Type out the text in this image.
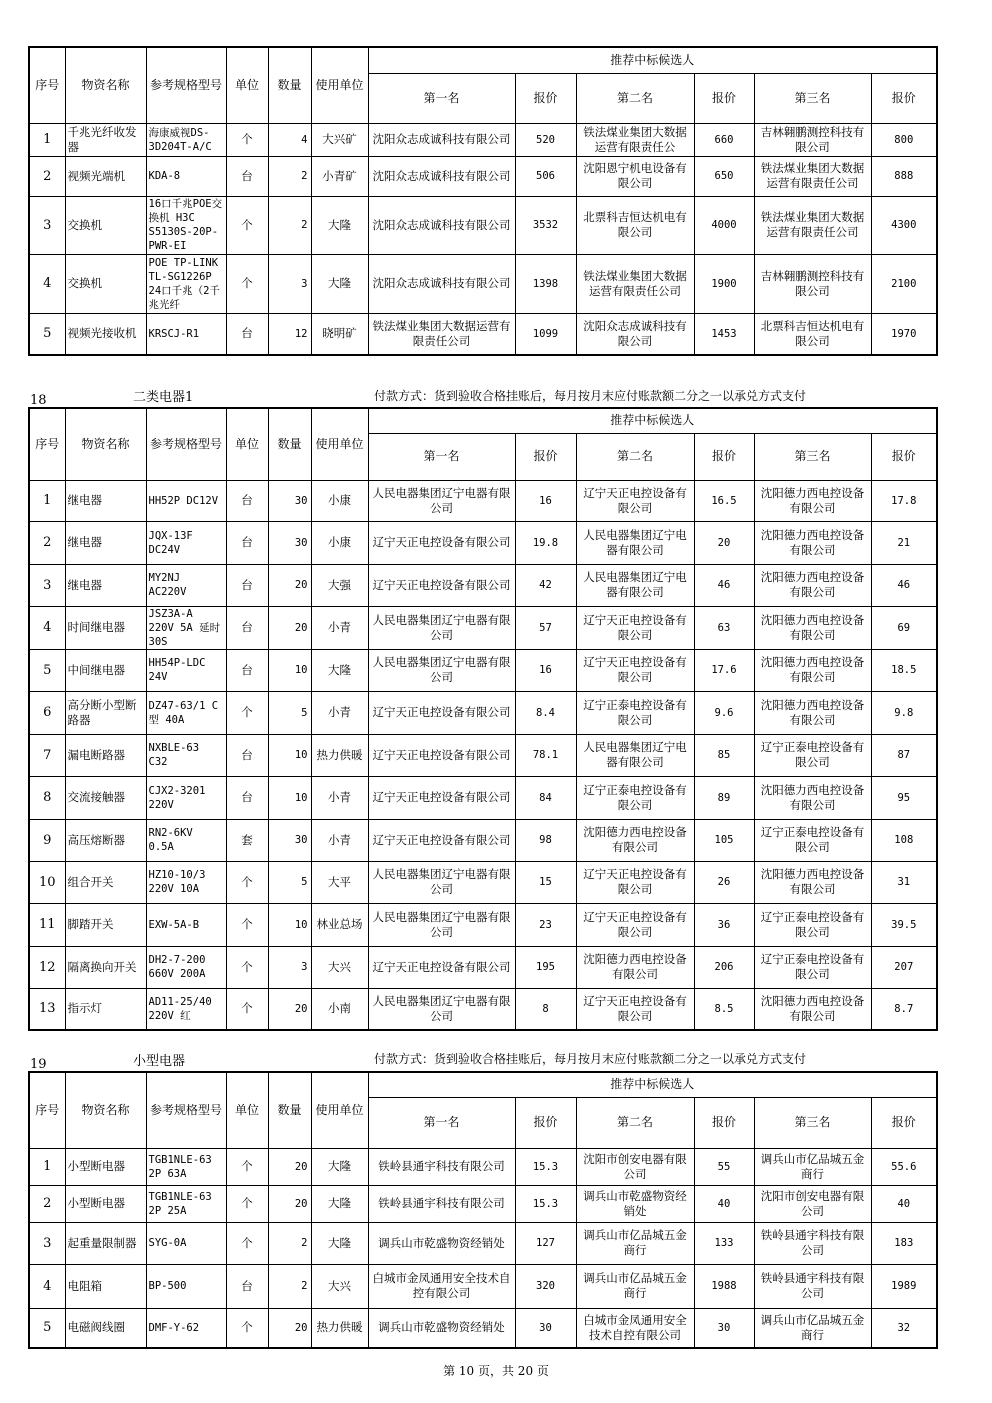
序号	物资名称	参考规格型号	单位	数量	使用单位	推荐中标候选人					
						第一名	报价	第二名	报价	第三名	报价
1	千兆光纤收发器	海康威视DS-3D204T-A/C	个	4	大兴矿	沈阳众志成诚科技有限公司	520	铁法煤业集团大数据运营有限责任公	660	吉林翱鹏测控科技有限公司	800
2	视频光端机	KDA-8	台	2	小青矿	沈阳众志成诚科技有限公司	506	沈阳恩宁机电设备有限公司	650	铁法煤业集团大数据运营有限责任公司	888
3	交换机	16口千兆POE交换机 H3C S5130S-20P-PWR-EI	个	2	大隆	沈阳众志成诚科技有限公司	3532	北票科吉恒达机电有限公司	4000	铁法煤业集团大数据运营有限责任公司	4300
4	交换机	POE TP-LINK TL-SG1226P 24口千兆（2千兆光纤	个	3	大隆	沈阳众志成诚科技有限公司	1398	铁法煤业集团大数据运营有限责任公司	1900	吉林翱鹏测控科技有限公司	2100
5	视频光接收机	KRSCJ-R1	台	12	晓明矿	铁法煤业集团大数据运营有限责任公司	1099	沈阳众志成诚科技有限公司	1453	北票科吉恒达机电有限公司	1970
18	二类电器1	付款方式：货到验收合格挂账后，每月按月末应付账款额二分之一以承兑方式支付
序号	物资名称	参考规格型号	单位	数量	使用单位	推荐中标候选人					
						第一名	报价	第二名	报价	第三名	报价
1	继电器	HH52P DC12V	台	30	小康	人民电器集团辽宁电器有限公司	16	辽宁天正电控设备有限公司	16.5	沈阳德力西电控设备有限公司	17.8
2	继电器	JQX-13F DC24V	台	30	小康	辽宁天正电控设备有限公司	19.8	人民电器集团辽宁电器有限公司	20	沈阳德力西电控设备有限公司	21
3	继电器	MY2NJ AC220V	台	20	大强	辽宁天正电控设备有限公司	42	人民电器集团辽宁电器有限公司	46	沈阳德力西电控设备有限公司	46
4	时间继电器	JSZ3A-A 220V 5A 延时30S	台	20	小青	人民电器集团辽宁电器有限公司	57	辽宁天正电控设备有限公司	63	沈阳德力西电控设备有限公司	69
5	中间继电器	HH54P-LDC 24V	台	10	大隆	人民电器集团辽宁电器有限公司	16	辽宁天正电控设备有限公司	17.6	沈阳德力西电控设备有限公司	18.5
6	高分断小型断路器	DZ47-63/1 C型 40A	个	5	小青	辽宁天正电控设备有限公司	8.4	辽宁正泰电控设备有限公司	9.6	沈阳德力西电控设备有限公司	9.8
7	漏电断路器	NXBLE-63 C32	台	10	热力供暖	辽宁天正电控设备有限公司	78.1	人民电器集团辽宁电器有限公司	85	辽宁正泰电控设备有限公司	87
8	交流接触器	CJX2-3201 220V	台	10	小青	辽宁天正电控设备有限公司	84	辽宁正泰电控设备有限公司	89	沈阳德力西电控设备有限公司	95
9	高压熔断器	RN2-6KV 0.5A	套	30	小青	辽宁天正电控设备有限公司	98	沈阳德力西电控设备有限公司	105	辽宁正泰电控设备有限公司	108
10	组合开关	HZ10-10/3 220V 10A	个	5	大平	人民电器集团辽宁电器有限公司	15	辽宁天正电控设备有限公司	26	沈阳德力西电控设备有限公司	31
11	脚踏开关	EXW-5A-B	个	10	林业总场	人民电器集团辽宁电器有限公司	23	辽宁天正电控设备有限公司	36	辽宁正泰电控设备有限公司	39.5
12	隔离换向开关	DH2-7-200 660V 200A	个	3	大兴	辽宁天正电控设备有限公司	195	沈阳德力西电控设备有限公司	206	辽宁正泰电控设备有限公司	207
13	指示灯	AD11-25/40 220V 红	个	20	小南	人民电器集团辽宁电器有限公司	8	辽宁天正电控设备有限公司	8.5	沈阳德力西电控设备有限公司	8.7
19	小型电器	付款方式：货到验收合格挂账后，每月按月末应付账款额二分之一以承兑方式支付
序号	物资名称	参考规格型号	单位	数量	使用单位	推荐中标候选人					
						第一名	报价	第二名	报价	第三名	报价
1	小型断电器	TGB1NLE-63 2P 63A	个	20	大隆	铁岭县通宇科技有限公司	15.3	沈阳市创安电器有限公司	55	调兵山市亿品城五金商行	55.6
2	小型断电器	TGB1NLE-63 2P 25A	个	20	大隆	铁岭县通宇科技有限公司	15.3	调兵山市乾盛物资经销处	40	沈阳市创安电器有限公司	40
3	起重量限制器	SYG-0A	个	2	大隆	调兵山市乾盛物资经销处	127	调兵山市亿品城五金商行	133	铁岭县通宇科技有限公司	183
4	电阻箱	BP-500	台	2	大兴	白城市金凤通用安全技术自控有限公司	320	调兵山市亿品城五金商行	1988	铁岭县通宇科技有限公司	1989
5	电磁阀线圈	DMF-Y-62	个	20	热力供暖	调兵山市乾盛物资经销处	30	白城市金凤通用安全技术自控有限公司	30	调兵山市亿品城五金商行	32
第 10 页，共 20 页
